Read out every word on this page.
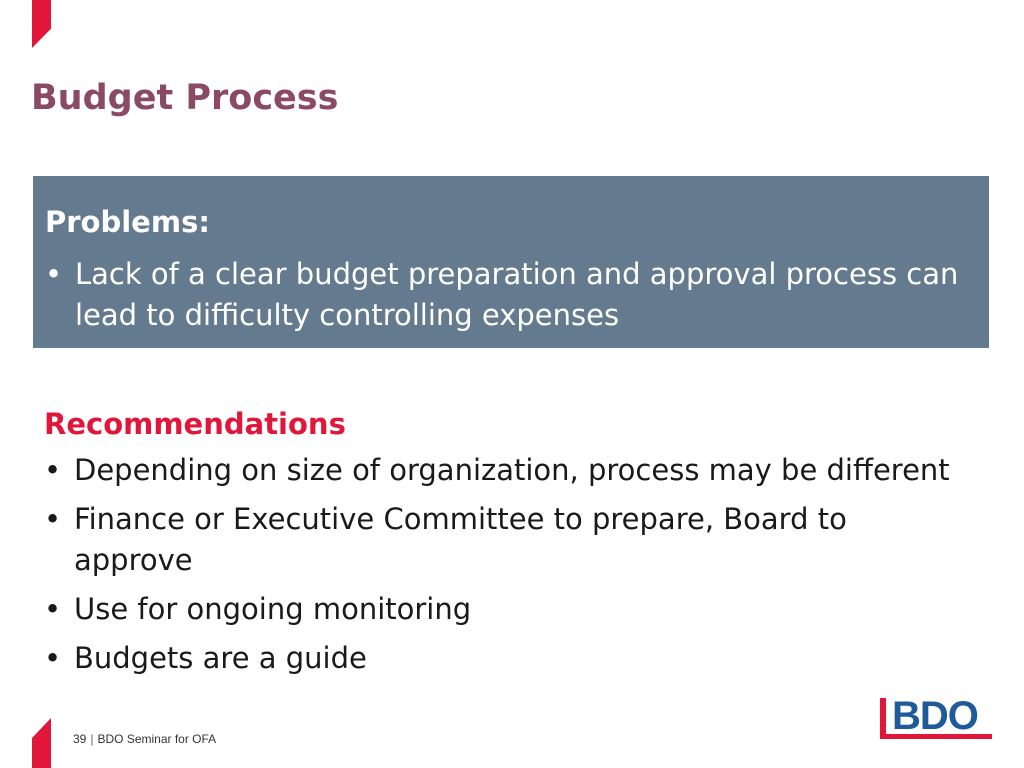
Budget Process
Problems:
• Lack of a clear budget preparation and approval process can lead to difficulty controlling expenses
Recommendations
• Depending on size of organization, process may be different
• Finance or Executive Committee to prepare, Board to approve
• Use for ongoing monitoring
• Budgets are a guide
39 | BDO Seminar for OFA
BDO
